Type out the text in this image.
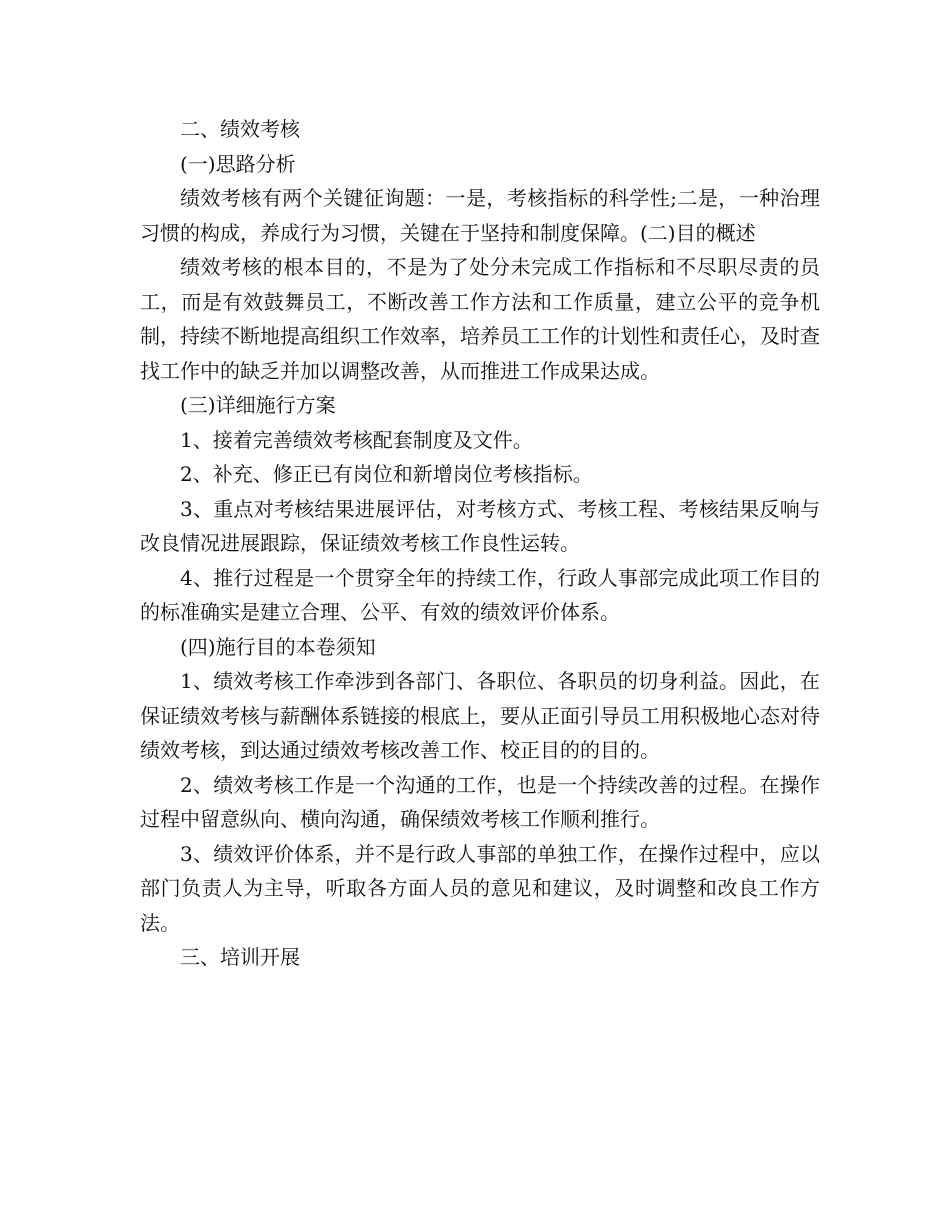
二、绩效考核

(一)思路分析

绩效考核有两个关键征询题：一是，考核指标的科学性;二是，一种治理习惯的构成，养成行为习惯，关键在于坚持和制度保障。(二)目的概述

绩效考核的根本目的，不是为了处分未完成工作指标和不尽职尽责的员工，而是有效鼓舞员工，不断改善工作方法和工作质量，建立公平的竞争机制，持续不断地提高组织工作效率，培养员工工作的计划性和责任心，及时查找工作中的缺乏并加以调整改善，从而推进工作成果达成。

(三)详细施行方案

1、接着完善绩效考核配套制度及文件。

2、补充、修正已有岗位和新增岗位考核指标。

3、重点对考核结果进展评估，对考核方式、考核工程、考核结果反响与改良情况进展跟踪，保证绩效考核工作良性运转。

4、推行过程是一个贯穿全年的持续工作，行政人事部完成此项工作目的的标准确实是建立合理、公平、有效的绩效评价体系。

(四)施行目的本卷须知

1、绩效考核工作牵涉到各部门、各职位、各职员的切身利益。因此，在保证绩效考核与薪酬体系链接的根底上，要从正面引导员工用积极地心态对待绩效考核，到达通过绩效考核改善工作、校正目的的目的。

2、绩效考核工作是一个沟通的工作，也是一个持续改善的过程。在操作过程中留意纵向、横向沟通，确保绩效考核工作顺利推行。

3、绩效评价体系，并不是行政人事部的单独工作，在操作过程中，应以部门负责人为主导，听取各方面人员的意见和建议，及时调整和改良工作方法。

三、培训开展
